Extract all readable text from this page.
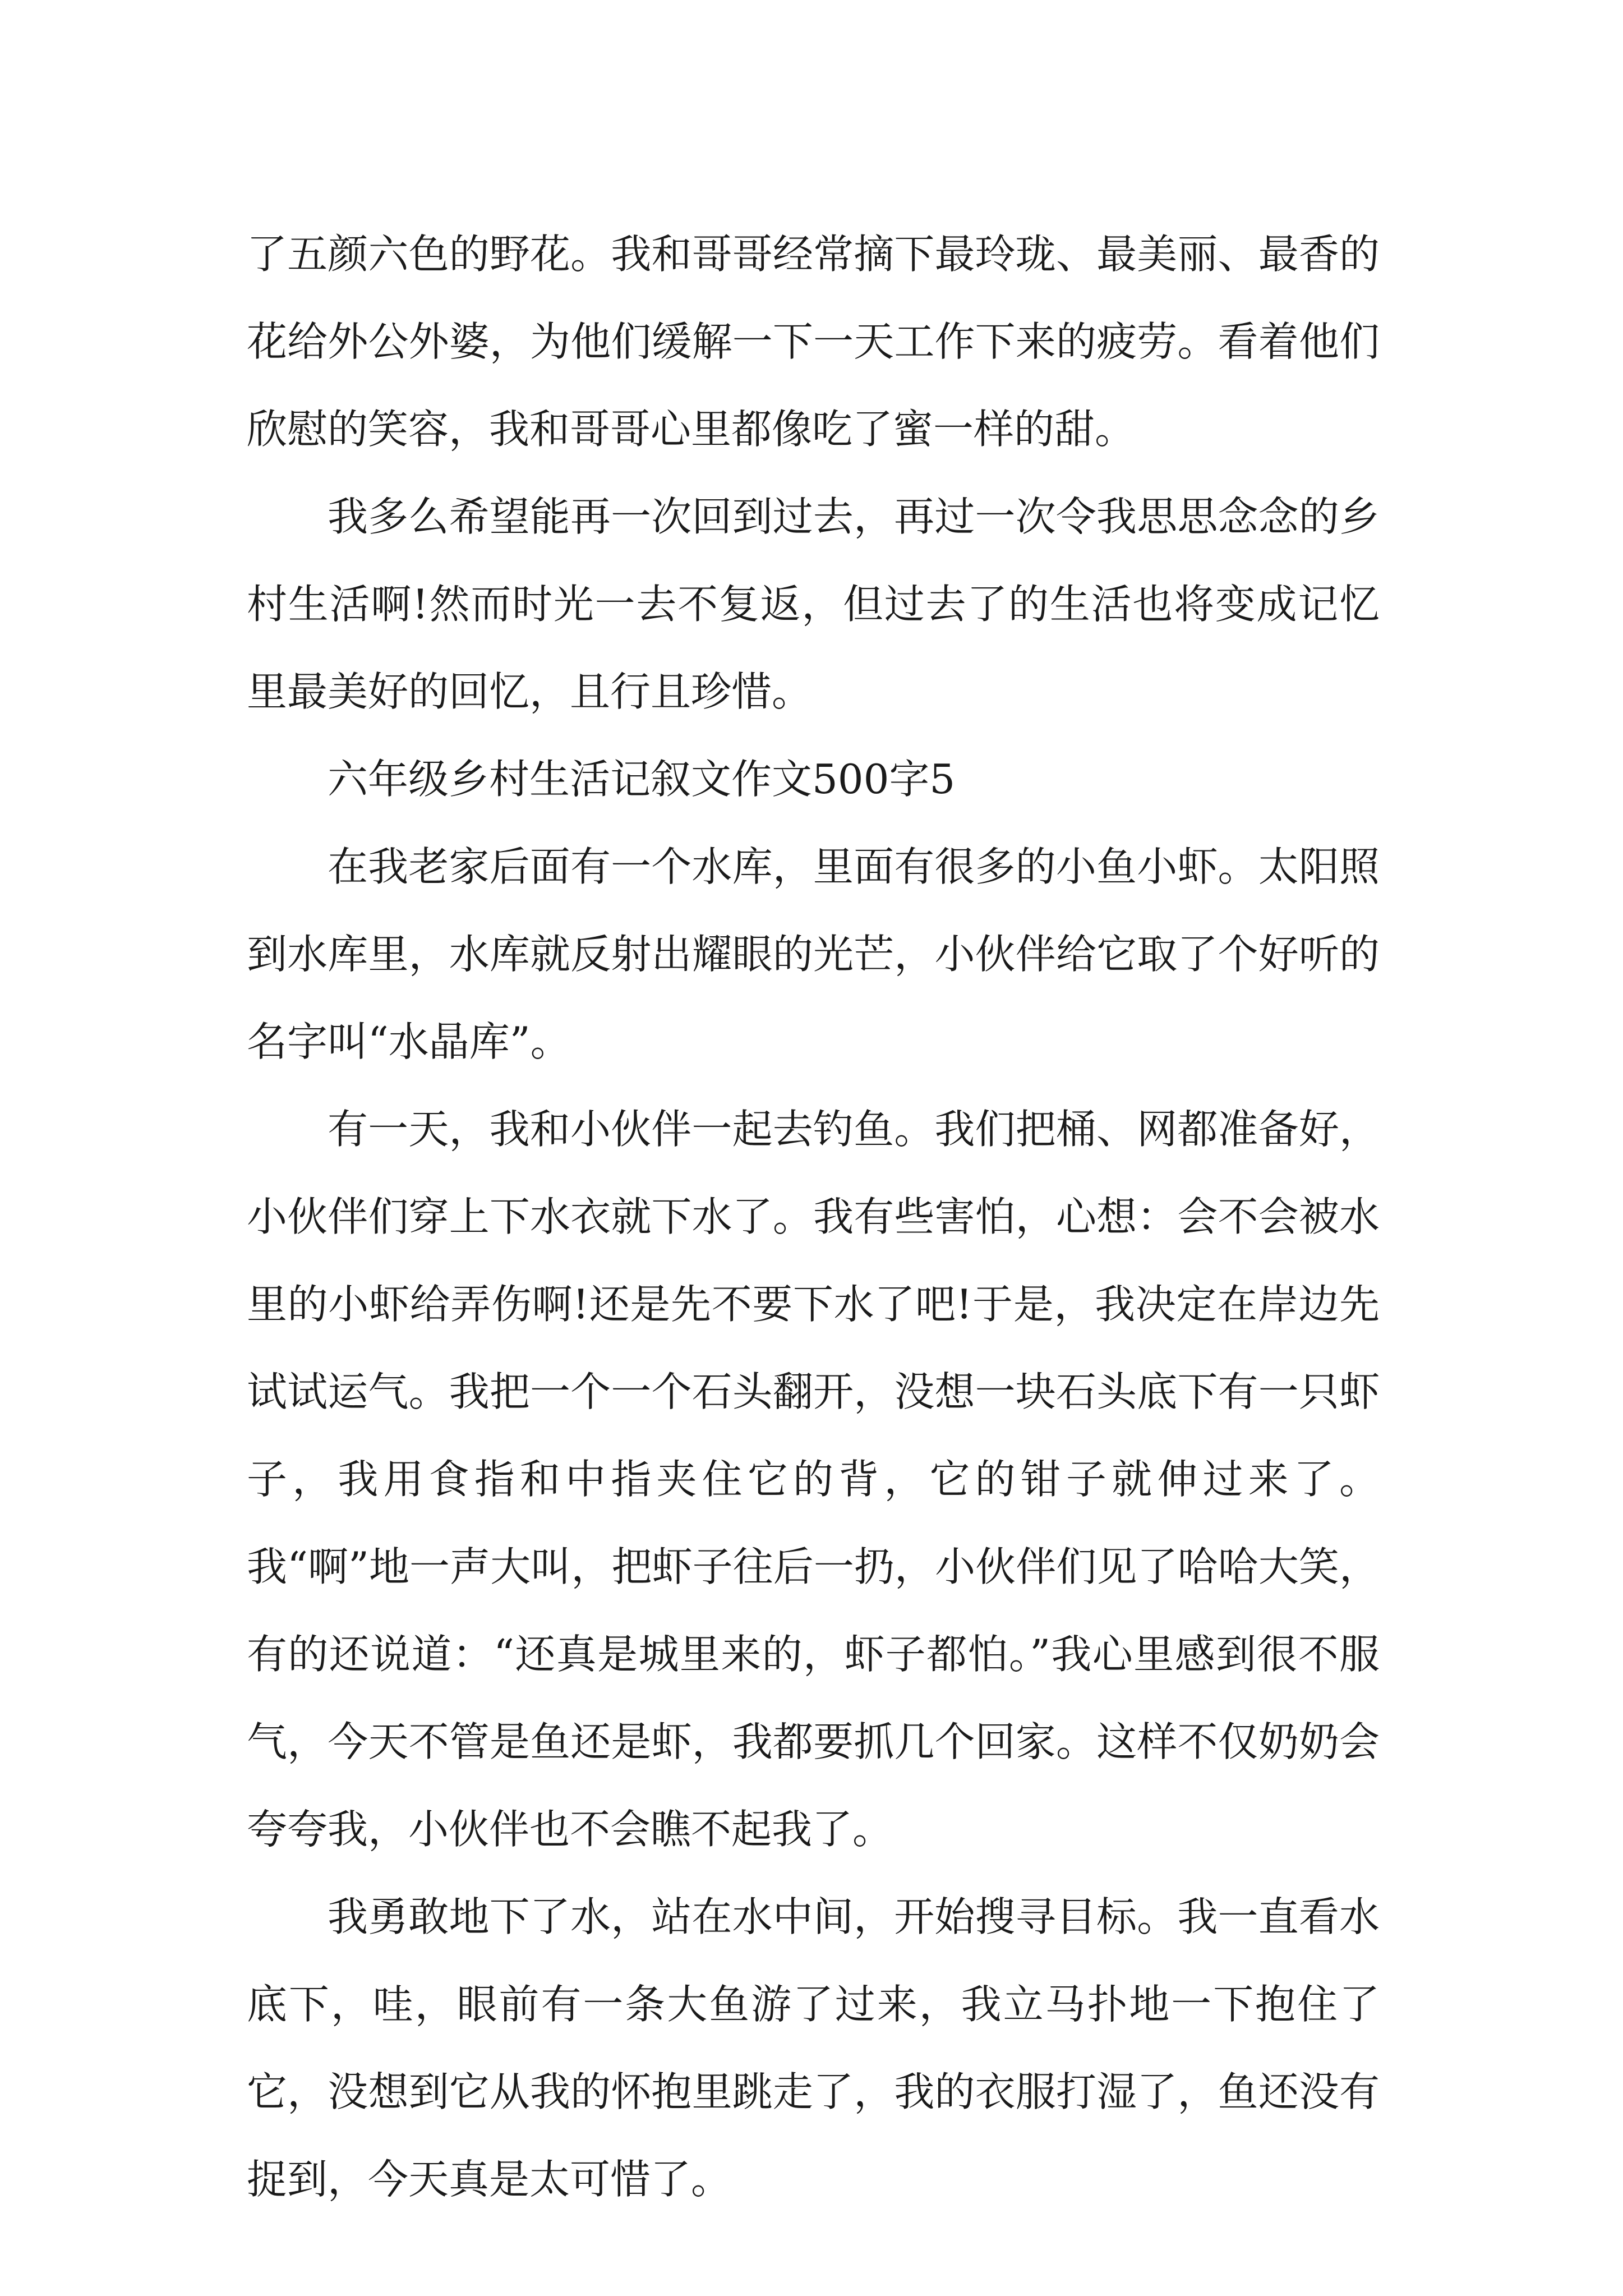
了五颜六色的野花。我和哥哥经常摘下最玲珑、最美丽、最香的花给外公外婆，为他们缓解一下一天工作下来的疲劳。看着他们欣慰的笑容，我和哥哥心里都像吃了蜜一样的甜。

我多么希望能再一次回到过去，再过一次令我思思念念的乡村生活啊!然而时光一去不复返，但过去了的生活也将变成记忆里最美好的回忆，且行且珍惜。

六年级乡村生活记叙文作文500字5

在我老家后面有一个水库，里面有很多的小鱼小虾。太阳照到水库里，水库就反射出耀眼的光芒，小伙伴给它取了个好听的名字叫“水晶库”。

有一天，我和小伙伴一起去钓鱼。我们把桶、网都准备好，小伙伴们穿上下水衣就下水了。我有些害怕，心想：会不会被水里的小虾给弄伤啊!还是先不要下水了吧!于是，我决定在岸边先试试运气。我把一个一个石头翻开，没想一块石头底下有一只虾子，我用食指和中指夹住它的背，它的钳子就伸过来了。我“啊”地一声大叫，把虾子往后一扔，小伙伴们见了哈哈大笑，有的还说道：“还真是城里来的，虾子都怕。”我心里感到很不服气，今天不管是鱼还是虾，我都要抓几个回家。这样不仅奶奶会夸夸我，小伙伴也不会瞧不起我了。

我勇敢地下了水，站在水中间，开始搜寻目标。我一直看水底下，哇，眼前有一条大鱼游了过来，我立马扑地一下抱住了它，没想到它从我的怀抱里跳走了，我的衣服打湿了，鱼还没有捉到，今天真是太可惜了。
